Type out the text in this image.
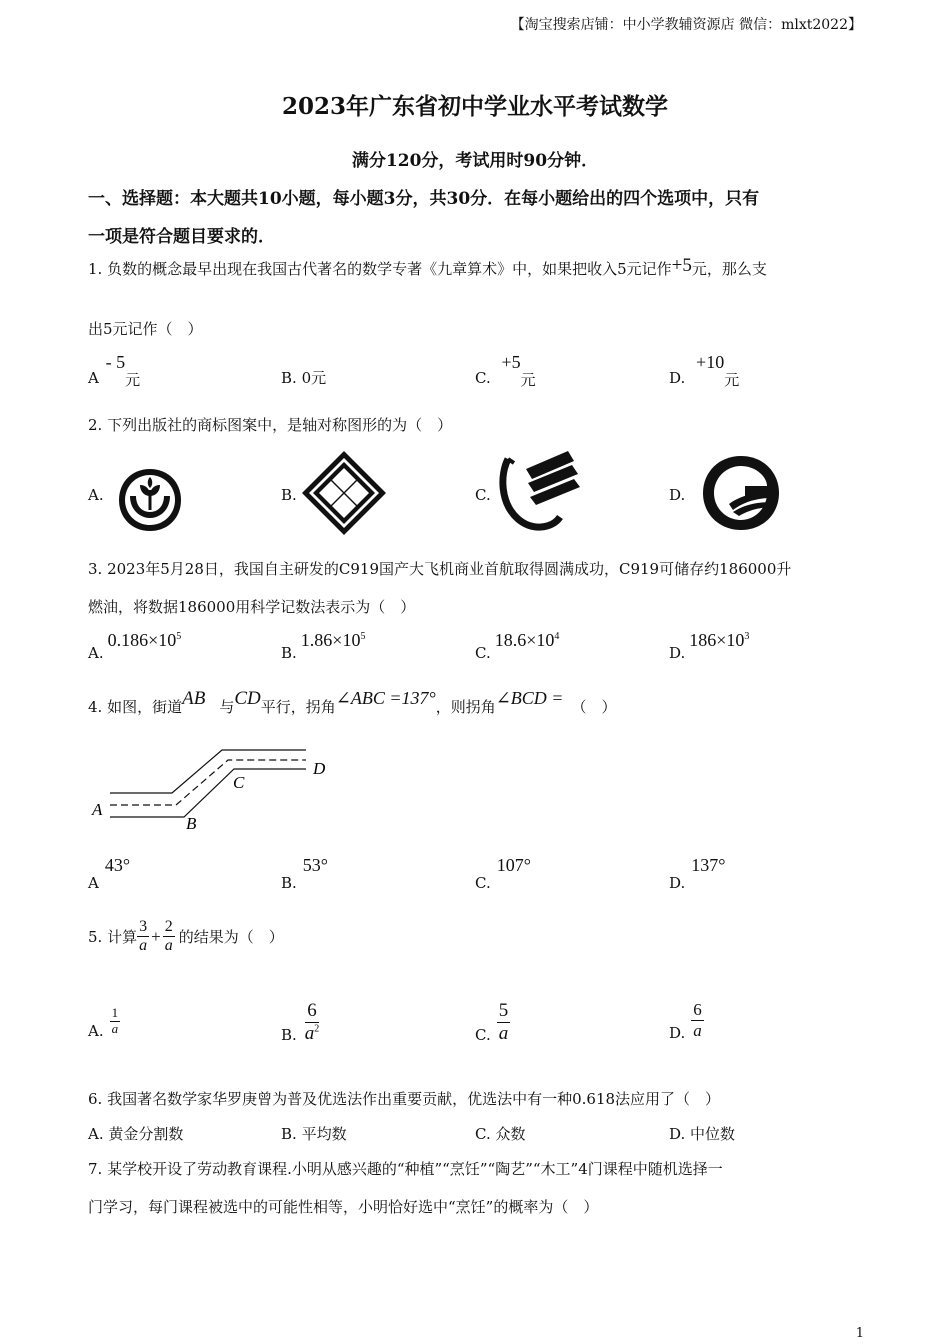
【淘宝搜索店铺：中小学教辅资源店 微信：mlxt2022】
2023年广东省初中学业水平考试数学
满分120分，考试用时90分钟．
一、选择题：本大题共10小题，每小题3分，共30分．在每小题给出的四个选项中，只有
一项是符合题目要求的．
1. 负数的概念最早出现在我国古代著名的数学专著《九章算术》中，如果把收入5元记作+5元，那么支
出5元记作（　）
A - 5元	B. 0元	C. +5元	D. +10元
2. 下列出版社的商标图案中，是轴对称图形的为（　）
A.	B.	C.	D.
3. 2023年5月28日，我国自主研发的C919国产大飞机商业首航取得圆满成功，C919可储存约186000升
燃油，将数据186000用科学记数法表示为（　）
$A.0.186\times 10^5$
$B.1.86\times 10^5$
$C.18.6\times 10^4$
$D.186\times 10^3$
4. 如图，街道AB 与CD平行，拐角∠ABC =137°，则拐角∠BCD = （　）
A
B
C
D
A43°
B.53°
C.107°
D.137°
5. 计算 $\frac{3}{a} + \frac{2}{a}$ 的结果为（　）
A. $\frac{1}{a}$	B. $\frac{6}{a^2}$	C. $\frac{5}{a}$	D. $\frac{6}{a}$
6. 我国著名数学家华罗庚曾为普及优选法作出重要贡献，优选法中有一种0.618法应用了（　）
A. 黄金分割数	B. 平均数	C. 众数	D. 中位数
7. 某学校开设了劳动教育课程.小明从感兴趣的“种植”“烹饪”“陶艺”“木工”4门课程中随机选择一
门学习，每门课程被选中的可能性相等，小明恰好选中“烹饪”的概率为（　）
1
